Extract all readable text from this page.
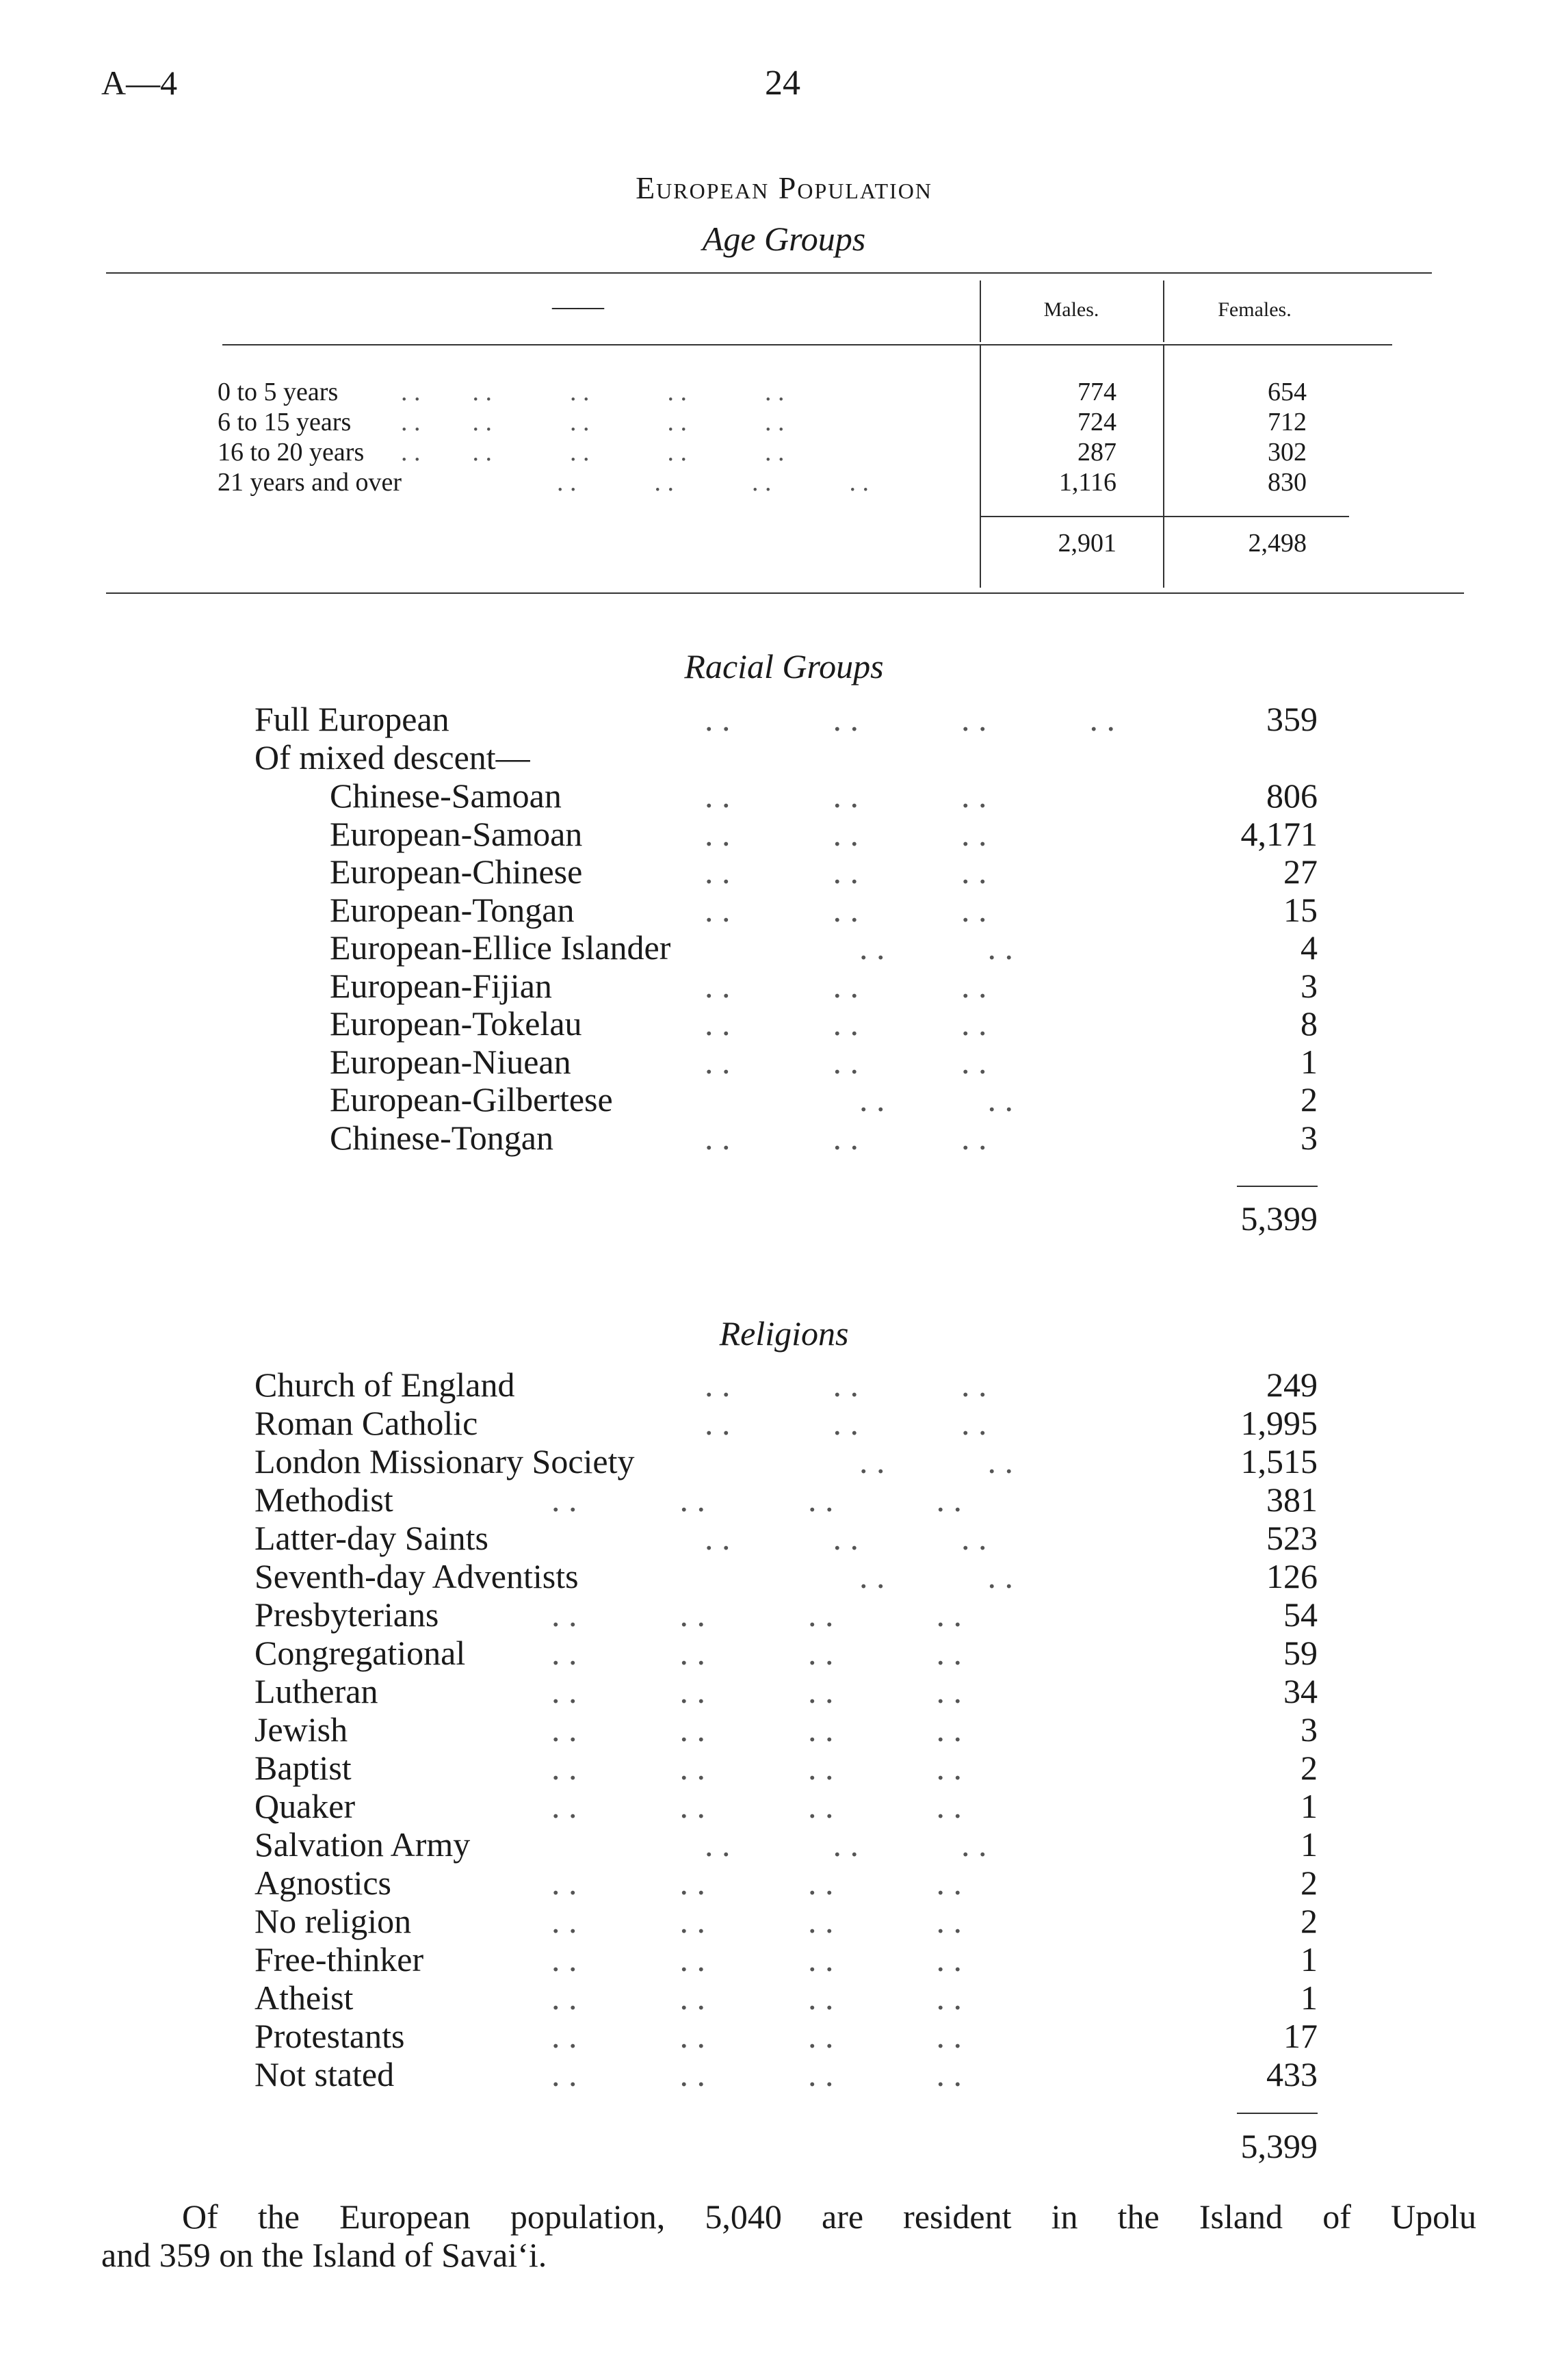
A—4	24
European Population
Age Groups
——	Males.	Females.
0 to 5 years . .  . .   . .   . .   . .	774	654
6 to 15 years . .  . .   . .   . .   . .	724	712
16 to 20 years . .  . .   . .   . .   . .	287	302
21 years and over	. .   . .   . .   . .	1,116	830
2,901	2,498
Racial Groups
Full European	. .   . .   . .   . .	359
Of mixed descent—
Chinese-Samoan	. .   . .   . .	806
European-Samoan	. .   . .   . .	4,171
European-Chinese	. .   . .   . .	27
European-Tongan	. .   . .   . .	15
European-Ellice Islander	. .   . .	4
European-Fijian	. .   . .   . .	3
European-Tokelau	. .   . .   . .	8
European-Niuean	. .   . .   . .	1
European-Gilbertese	. .   . .	2
Chinese-Tongan	. .   . .   . .	3
5,399
Religions
Church of England	. .   . .   . .	249
Roman Catholic	. .   . .   . .	1,995
London Missionary Society	. .   . .	1,515
Methodist	. .   . .   . .   . .	381
Latter-day Saints	. .   . .   . .	523
Seventh-day Adventists	. .   . .	126
Presbyterians	. .   . .   . .   . .	54
Congregational	. .   . .   . .   . .	59
Lutheran	. .   . .   . .   . .	34
Jewish	. .   . .   . .   . .	3
Baptist	. .   . .   . .   . .	2
Quaker	. .   . .   . .   . .	1
Salvation Army	. .   . .   . .	1
Agnostics	. .   . .   . .   . .	2
No religion	. .   . .   . .   . .	2
Free-thinker	. .   . .   . .   . .	1
Atheist	. .   . .   . .   . .	1
Protestants	. .   . .   . .   . .	17
Not stated	. .   . .   . .   . .	433
5,399

Of the European population, 5,040 are resident in the Island of Upolu

and 359 on the Island of Savai‘i.
